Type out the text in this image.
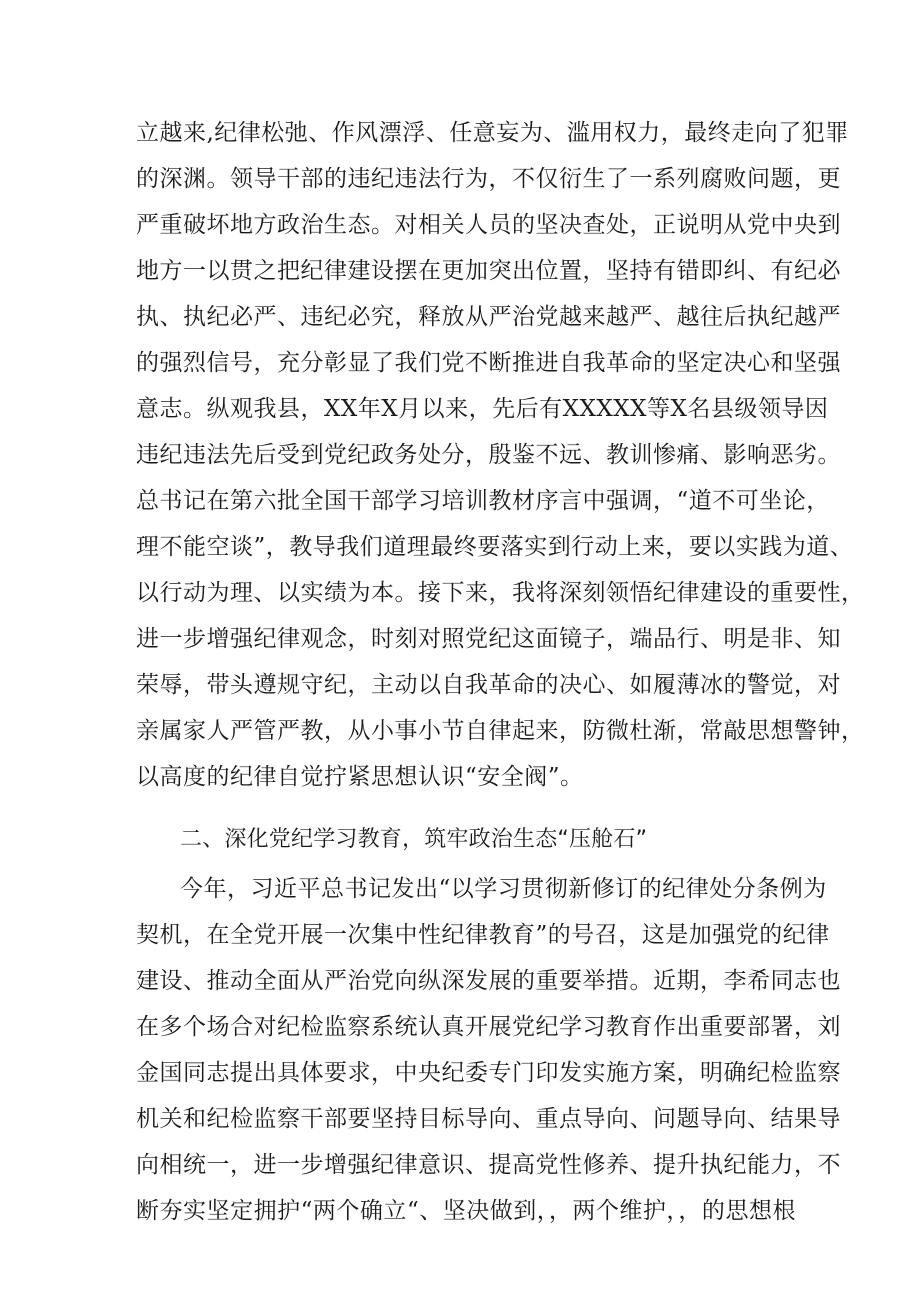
立越来,纪律松弛、作风漂浮、任意妄为、滥用权力，最终走向了犯罪
的深渊。领导干部的违纪违法行为，不仅衍生了一系列腐败问题，更
严重破坏地方政治生态。对相关人员的坚决查处，正说明从党中央到
地方一以贯之把纪律建设摆在更加突出位置，坚持有错即纠、有纪必
执、执纪必严、违纪必究，释放从严治党越来越严、越往后执纪越严
的强烈信号，充分彰显了我们党不断推进自我革命的坚定决心和坚强
意志。纵观我县，XX年X月以来，先后有XXXXX等X名县级领导因
违纪违法先后受到党纪政务处分，殷鉴不远、教训惨痛、影响恶劣。
总书记在第六批全国干部学习培训教材序言中强调，“道不可坐论，
理不能空谈”，教导我们道理最终要落实到行动上来，要以实践为道、
以行动为理、以实绩为本。接下来，我将深刻领悟纪律建设的重要性，
进一步增强纪律观念，时刻对照党纪这面镜子，端品行、明是非、知
荣辱，带头遵规守纪，主动以自我革命的决心、如履薄冰的警觉，对
亲属家人严管严教，从小事小节自律起来，防微杜渐，常敲思想警钟，
以高度的纪律自觉拧紧思想认识“安全阀”。
二、深化党纪学习教育，筑牢政治生态“压舱石”
今年，习近平总书记发出“以学习贯彻新修订的纪律处分条例为
契机，在全党开展一次集中性纪律教育”的号召，这是加强党的纪律
建设、推动全面从严治党向纵深发展的重要举措。近期，李希同志也
在多个场合对纪检监察系统认真开展党纪学习教育作出重要部署，刘
金国同志提出具体要求，中央纪委专门印发实施方案，明确纪检监察
机关和纪检监察干部要坚持目标导向、重点导向、问题导向、结果导
向相统一，进一步增强纪律意识、提高党性修养、提升执纪能力，不
断夯实坚定拥护“两个确立“、坚决做到，，两个维护，，的思想根
